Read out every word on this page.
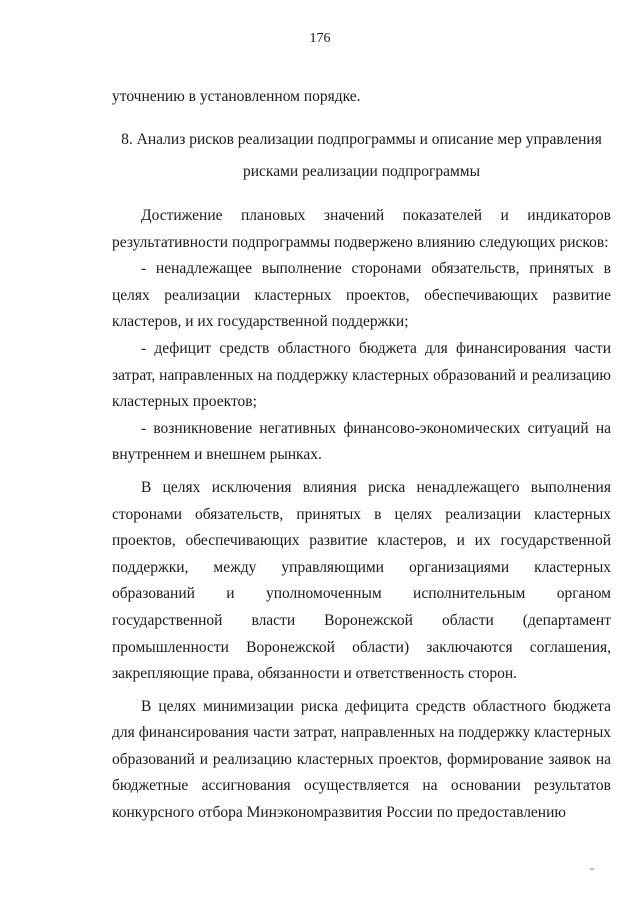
176

уточнению в установленном порядке.

8. Анализ рисков реализации подпрограммы и описание мер управления
рисками реализации подпрограммы

Достижение плановых значений показателей и индикаторов результативности подпрограммы подвержено влиянию следующих рисков:

- ненадлежащее выполнение сторонами обязательств, принятых в целях реализации кластерных проектов, обеспечивающих развитие кластеров, и их государственной поддержки;

- дефицит средств областного бюджета для финансирования части затрат, направленных на поддержку кластерных образований и реализацию кластерных проектов;

- возникновение негативных финансово-экономических ситуаций на внутреннем и внешнем рынках.

В целях исключения влияния риска ненадлежащего выполнения сторонами обязательств, принятых в целях реализации кластерных проектов, обеспечивающих развитие кластеров, и их государственной поддержки, между управляющими организациями кластерных образований и уполномоченным исполнительным органом государственной власти Воронежской области (департамент промышленности Воронежской области) заключаются соглашения, закрепляющие права, обязанности и ответственность сторон.

В целях минимизации риска дефицита средств областного бюджета для финансирования части затрат, направленных на поддержку кластерных образований и реализацию кластерных проектов, формирование заявок на бюджетные ассигнования осуществляется на основании результатов конкурсного отбора Минэкономразвития России по предоставлению
